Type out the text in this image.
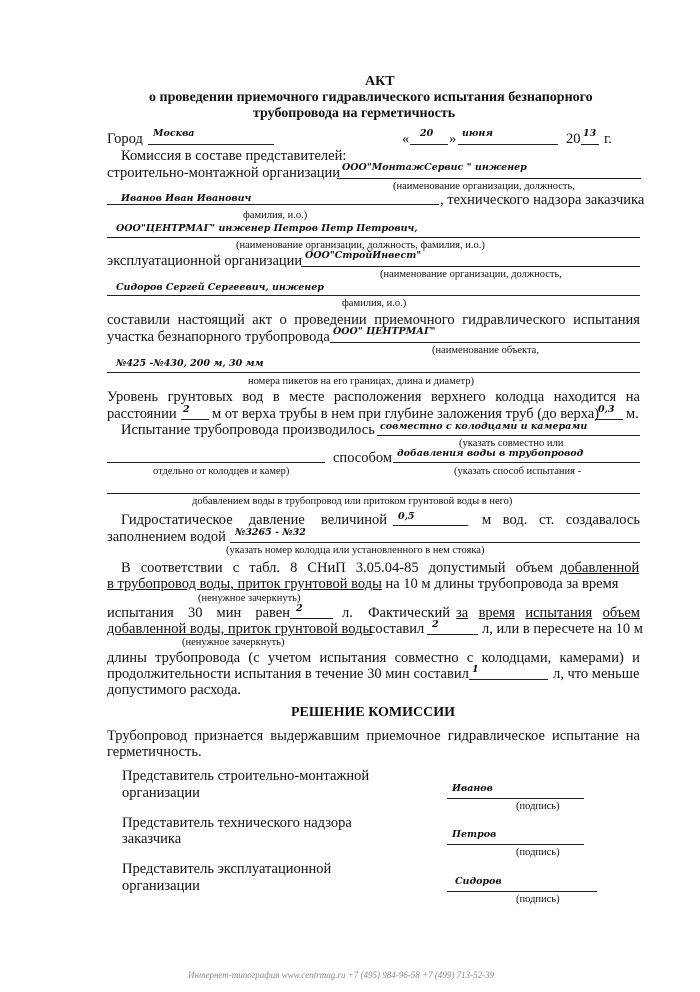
АКТ
о проведении приемочного гидравлического испытания безнапорного
трубопровода на герметичность
Город Москва	« 20 » июня	20 13 г.
Комиссия в составе представителей:
строительно-монтажной организации ООО"МонтажСервис " инженер
(наименование организации, должность,
Иванов Иван Иванович	, технического надзора заказчика
фамилия, и.о.)
ООО"ЦЕНТРМАГ" инженер Петров Петр Петрович,
(наименование организации, должность, фамилия, и.о.)
эксплуатационной организации ООО"СтройИнвест"
(наименование организации, должность,
Сидоров Сергей Сергеевич, инженер
фамилия, и.о.)
составили настоящий акт о проведении приемочного гидравлического испытания
участка безнапорного трубопровода ООО" ЦЕНТРМАГ"
(наименование объекта,
№425 -№430, 200 м, 30 мм
номера пикетов на его границах, длина и диаметр)
Уровень грунтовых вод в месте расположения верхнего колодца находится на
расстоянии 2 м от верха трубы в нем при глубине заложения труб (до верха)
0,3 м.
Испытание трубопровода производилось совместно с колодцами и камерами
(указать совместно или
способом добавления воды в трубопровод
отдельно от колодцев и камер)	(указать способ испытания -
добавлением воды в трубопровод или притоком грунтовой воды в него)
Гидростатическое давление величиной 0,5	м вод. ст. создавалось
заполнением водой №3265 - №32
(указать номер колодца или установленного в нем стояка)
В соответствии с табл. 8 СНиП 3.05.04-85 допустимый объем добавленной
в трубопровод воды, приток грунтовой воды на 10 м длины трубопровода за время
(ненужное зачеркнуть)
испытания 30 мин равен 2	л. Фактический за время испытания объем
добавленной воды, приток грунтовой воды
составил 2	л, или в пересчете на 10 м
(ненужное зачеркнуть)
длины трубопровода (с учетом испытания совместно с колодцами, камерами) и
продолжительности испытания в течение 30 мин составил 1	л, что меньше
допустимого расхода.
РЕШЕНИЕ КОМИССИИ
Трубопровод признается выдержавшим приемочное гидравлическое испытание на
герметичность.
Представитель строительно-монтажной
организации	Иванов
(подпись)
Представитель технического надзора
заказчика	Петров
(подпись)
Представитель эксплуатационной
организации	Сидоров
(подпись)
Интернет-типография www.centrmag.ru +7 (495) 984-96-58 +7 (499) 713-52-39
